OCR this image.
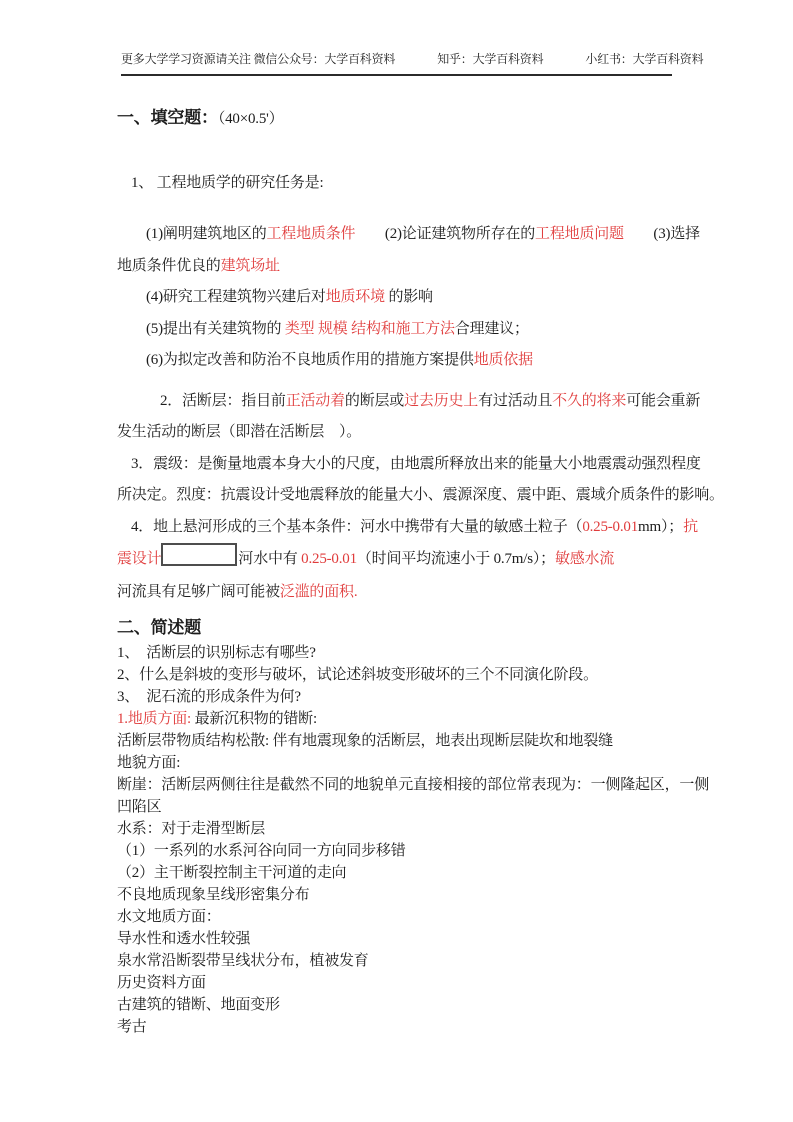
更多大学学习资源请关注 微信公众号：大学百科资料	知乎：大学百科资料	小红书：大学百科资料
一、填空题：（40×0.5'）
1、 工程地质学的研究任务是:
(1)阐明建筑地区的工程地质条件　　(2)论证建筑物所存在的工程地质问题　　(3)选择
地质条件优良的建筑场址
(4)研究工程建筑物兴建后对地质环境 的影响
(5)提出有关建筑物的 类型 规模 结构和施工方法合理建议；
(6)为拟定改善和防治不良地质作用的措施方案提供地质依据
2．活断层：指目前正活动着的断层或过去历史上有过活动且不久的将来可能会重新
发生活动的断层（即潜在活断层　）。
3．震级：是衡量地震本身大小的尺度，由地震所释放出来的能量大小地震震动强烈程度
所决定。烈度：抗震设计受地震释放的能量大小、震源深度、震中距、震域介质条件的影响。
4．地上悬河形成的三个基本条件：河水中携带有大量的敏感土粒子（0.25-0.01mm）；抗
震设计	河水中有 0.25-0.01（时间平均流速小于 0.7m/s）；敏感水流
河流具有足够广阔可能被泛滥的面积.
二、简述题
1、　活断层的识别标志有哪些?
2、什么是斜坡的变形与破坏，试论述斜坡变形破坏的三个不同演化阶段。
3、　泥石流的形成条件为何?
1.地质方面: 最新沉积物的错断:
活断层带物质结构松散: 伴有地震现象的活断层，地表出现断层陡坎和地裂缝
地貌方面:
断崖：活断层两侧往往是截然不同的地貌单元直接相接的部位常表现为：一侧隆起区，一侧
凹陷区
水系：对于走滑型断层
（1）一系列的水系河谷向同一方向同步移错
（2）主干断裂控制主干河道的走向
不良地质现象呈线形密集分布
水文地质方面：
导水性和透水性较强
泉水常沿断裂带呈线状分布，植被发育
历史资料方面
古建筑的错断、地面变形
考古
